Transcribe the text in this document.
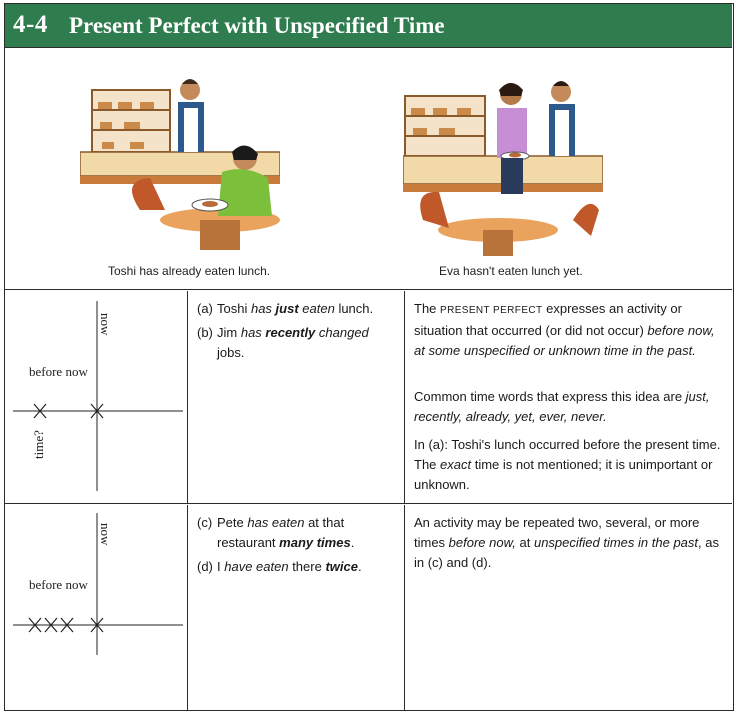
4-4 Present Perfect with Unspecified Time
Toshi has already eaten lunch.	Eva hasn't eaten lunch yet.
now
before now
time?
(a) Toshi has just eaten lunch.
(b) Jim has recently changed jobs.
The PRESENT PERFECT expresses an activity or situation that occurred (or did not occur) before now, at some unspecified or unknown time in the past.
Common time words that express this idea are just, recently, already, yet, ever, never.
In (a): Toshi's lunch occurred before the present time. The exact time is not mentioned; it is unimportant or unknown.
now
before now
(c) Pete has eaten at that restaurant many times.
(d) I have eaten there twice.
An activity may be repeated two, several, or more times before now, at unspecified times in the past, as in (c) and (d).
